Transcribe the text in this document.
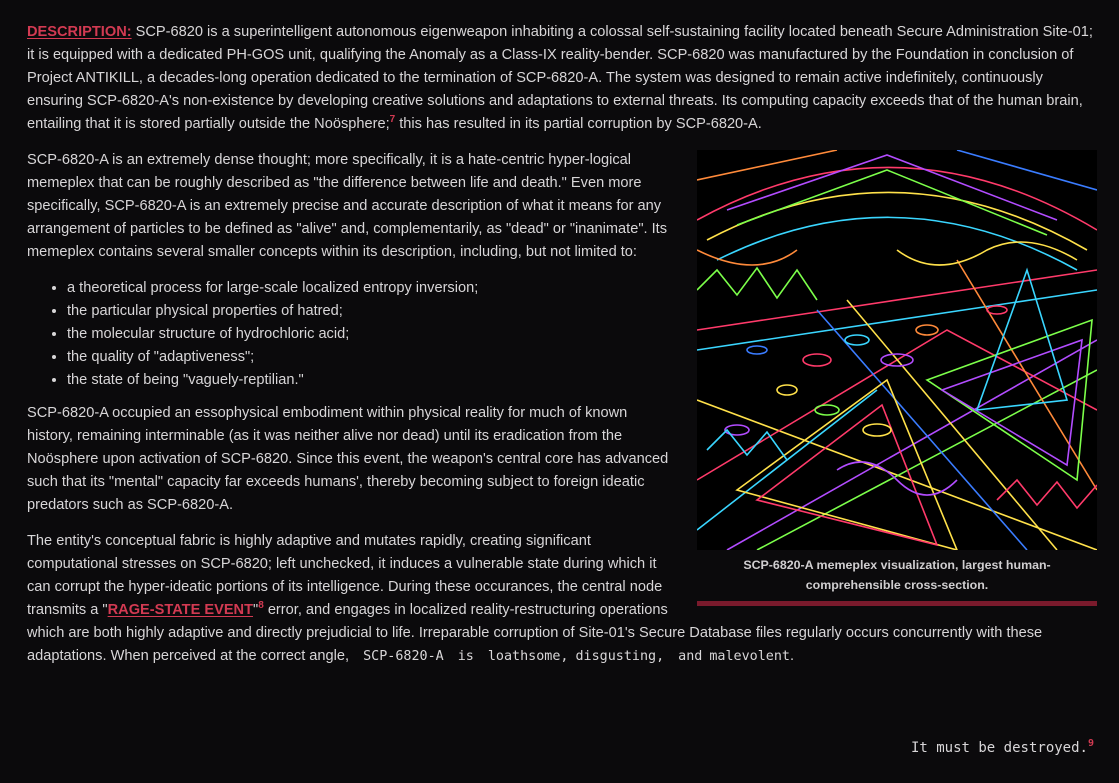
DESCRIPTION: SCP-6820 is a superintelligent autonomous eigenweapon inhabiting a colossal self-sustaining facility located beneath Secure Administration Site-01; it is equipped with a dedicated PH-GOS unit, qualifying the Anomaly as a Class-IX reality-bender. SCP-6820 was manufactured by the Foundation in conclusion of Project ANTIKILL, a decades-long operation dedicated to the termination of SCP-6820-A. The system was designed to remain active indefinitely, continuously ensuring SCP-6820-A's non-existence by developing creative solutions and adaptations to external threats. Its computing capacity exceeds that of the human brain, entailing that it is stored partially outside the Noösphere;$^7$ this has resulted in its partial corruption by SCP-6820-A.

SCP-6820-A memeplex visualization, largest human-comprehensible cross-section.

SCP-6820-A is an extremely dense thought; more specifically, it is a hate-centric hyper-logical memeplex that can be roughly described as "the difference between life and death." Even more specifically, SCP-6820-A is an extremely precise and accurate description of what it means for any arrangement of particles to be defined as "alive" and, complementarily, as "dead" or "inanimate". Its memeplex contains several smaller concepts within its description, including, but not limited to:

• a theoretical process for large-scale localized entropy inversion;
• the particular physical properties of hatred;
• the molecular structure of hydrochloric acid;
• the quality of "adaptiveness";
• the state of being "vaguely-reptilian."

SCP-6820-A occupied an essophysical embodiment within physical reality for much of known history, remaining interminable (as it was neither alive nor dead) until its eradication from the Noösphere upon activation of SCP-6820. Since this event, the weapon's central core has advanced such that its "mental" capacity far exceeds humans', thereby becoming subject to foreign ideatic predators such as SCP-6820-A.

The entity's conceptual fabric is highly adaptive and mutates rapidly, creating significant computational stresses on SCP-6820; left unchecked, it induces a vulnerable state during which it can corrupt the hyper-ideatic portions of its intelligence. During these occurances, the central node transmits a "RAGE-STATE EVENT"$^8$ error, and engages in localized reality-restructuring operations which are both highly adaptive and directly prejudicial to life. Irreparable corruption of Site-01's Secure Database files regularly occurs concurrently with these adaptations. When perceived at the correct angle, SCP-6820-A is loathsome, disgusting, and malevolent.

It must be destroyed.$^9$
